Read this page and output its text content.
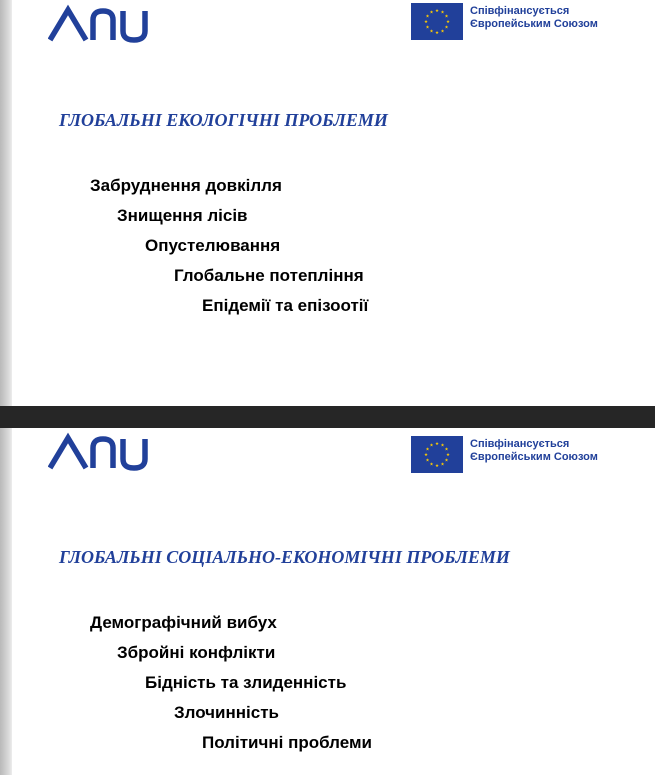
★ ★
★
★
★
★
★
★
★
★
★
★	Співфінансується
Європейським Союзом
ГЛОБАЛЬНІ ЕКОЛОГІЧНІ ПРОБЛЕМИ
Забруднення довкілля
Знищення лісів
Опустелювання
Глобальне потепління
Епідемії та епізоотії
★ ★
★
★
★
★
★
★
★
★
★
★	Співфінансується
Європейським Союзом
ГЛОБАЛЬНІ СОЦІАЛЬНО-ЕКОНОМІЧНІ ПРОБЛЕМИ
Демографічний вибух
Збройні конфлікти
Бідність та злиденність
Злочинність
Політичні проблеми
